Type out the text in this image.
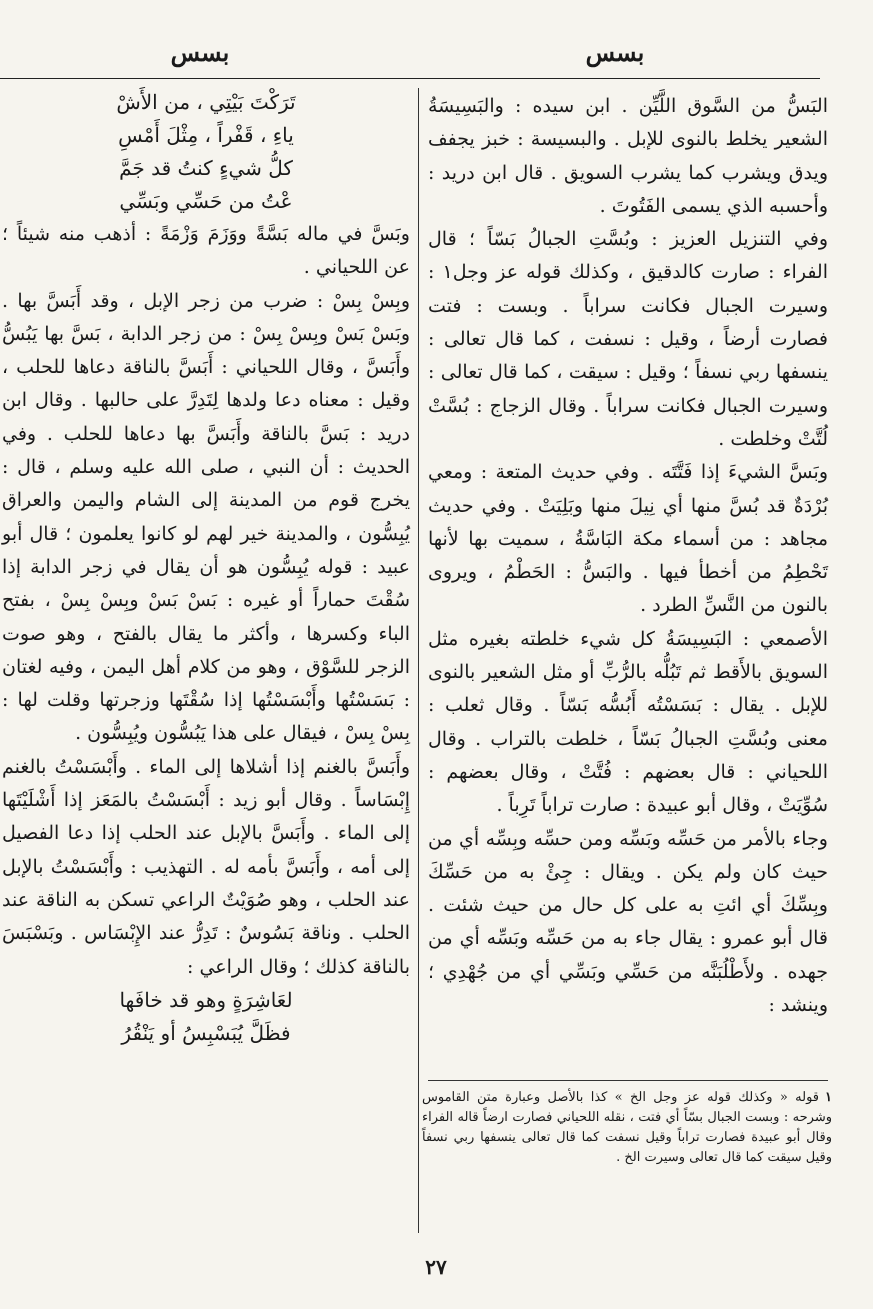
بسس
بسس

البَسُّ من السَّوق اللَّيِّن . ابن سيده : والبَسِيسَةُ الشعير يخلط بالنوى للإبل . والبسيسة : خبز يجفف ويدق ويشرب كما يشرب السويق . قال ابن دريد : وأحسبه الذي يسمى الفَتُوتَ .

وفي التنزيل العزيز : وبُسَّتِ الجبالُ بَسّاً ؛ قال الفراء : صارت كالدقيق ، وكذلك قوله عز وجل١ : وسيرت الجبال فكانت سراباً . وبست : فتت فصارت أرضاً ، وقيل : نسفت ، كما قال تعالى : ينسفها ربي نسفاً ؛ وقيل : سيقت ، كما قال تعالى : وسيرت الجبال فكانت سراباً . وقال الزجاج : بُسَّتْ لُتَّتْ وخلطت .

وبَسَّ الشيءَ إذا فَتَّتَه . وفي حديث المتعة : ومعي بُرْدَةٌ قد بُسَّ منها أي نِيلَ منها وبَلِيَتْ . وفي حديث مجاهد : من أسماء مكة البَاسَّةُ ، سميت بها لأنها تَحْطِمُ من أخطأ فيها . والبَسُّ : الحَطْمُ ، ويروى بالنون من النَّسِّ الطرد .

الأصمعي : البَسِيسَةُ كل شيء خلطته بغيره مثل السويق بالأَقط ثم تَبُلُّه بالرُّبِّ أو مثل الشعير بالنوى للإبل . يقال : بَسَسْتُه أَبُسُّه بَسّاً . وقال ثعلب : معنى وبُسَّتِ الجبالُ بَسّاً ، خلطت بالتراب . وقال اللحياني : قال بعضهم : فُتَّتْ ، وقال بعضهم : سُوِّيَتْ ، وقال أبو عبيدة : صارت تراباً تَرِباً .

وجاء بالأمر من حَسِّه وبَسِّه ومن حسِّه وبِسِّه أي من حيث كان ولم يكن . ويقال : جِئْ به من حَسِّكَ وبِسِّكَ أي ائتِ به على كل حال من حيث شئت . قال أبو عمرو : يقال جاء به من حَسِّه وبَسِّه أي من جهده . ولأَطْلُبَنَّه من حَسِّي وبَسِّي أي من جُهْدِي ؛ وينشد :

تَرَكْتَ بَيْتِي ، من الأَشْ

ياءِ ، قَفْراً ، مِثْلَ أَمْسِ

كلُّ شيءٍ كنتُ قد جَمَّ

عْتُ من حَسِّي وبَسِّي

وبَسَّ في ماله بَسَّةً ووَزَمَ وَزْمَةً : أذهب منه شيئاً ؛ عن اللحياني .

وبِسْ بِسْ : ضرب من زجر الإبل ، وقد أَبَسَّ بها . وبَسْ بَسْ وبِسْ بِسْ : من زجر الدابة ، بَسَّ بها يَبُسُّ وأَبَسَّ ، وقال اللحياني : أَبَسَّ بالناقة دعاها للحلب ، وقيل : معناه دعا ولدها لِتَدِرَّ على حالبها . وقال ابن دريد : بَسَّ بالناقة وأَبَسَّ بها دعاها للحلب . وفي الحديث : أن النبي ، صلى الله عليه وسلم ، قال : يخرج قوم من المدينة إلى الشام واليمن والعراق يُبِسُّون ، والمدينة خير لهم لو كانوا يعلمون ؛ قال أبو عبيد : قوله يُبِسُّون هو أن يقال في زجر الدابة إذا سُقْتَ حماراً أو غيره : بَسْ بَسْ وبِسْ بِسْ ، بفتح الباء وكسرها ، وأكثر ما يقال بالفتح ، وهو صوت الزجر للسَّوْق ، وهو من كلام أهل اليمن ، وفيه لغتان : بَسَسْتُها وأَبْسَسْتُها إذا سُقْتَها وزجرتها وقلت لها : بِسْ بِسْ ، فيقال على هذا يَبُسُّون ويُبِسُّون .

وأَبَسَّ بالغنم إذا أشلاها إلى الماء . وأَبْسَسْتُ بالغنم إِبْسَاساً . وقال أبو زيد : أَبْسَسْتُ بالمَعَز إذا أَشْلَيْتَها إلى الماء . وأَبَسَّ بالإبل عند الحلب إذا دعا الفصيل إلى أمه ، وأَبَسَّ بأمه له . التهذيب : وأَبْسَسْتُ بالإبل عند الحلب ، وهو صُوَيْتٌ الراعي تسكن به الناقة عند الحلب . وناقة بَسُوسٌ : تَدِرُّ عند الإِبْسَاس . وبَسْبَسَ بالناقة كذلك ؛ وقال الراعي :

لعَاشِرَةٍ وهو قد خافَها

فظَلَّ يُبَسْبِسُ أو يَنْقُرُ

١قوله « وكذلك قوله عز وجل الخ » كذا بالأصل وعبارة متن القاموس وشرحه : وبست الجبال بسّاً أي فتت ، نقله اللحياني فصارت ارضاً قاله الفراء وقال أبو عبيدة فصارت تراباً وقيل نسفت كما قال تعالى ينسفها ربي نسفاً وقيل سيقت كما قال تعالى وسيرت الخ .
٢٧
